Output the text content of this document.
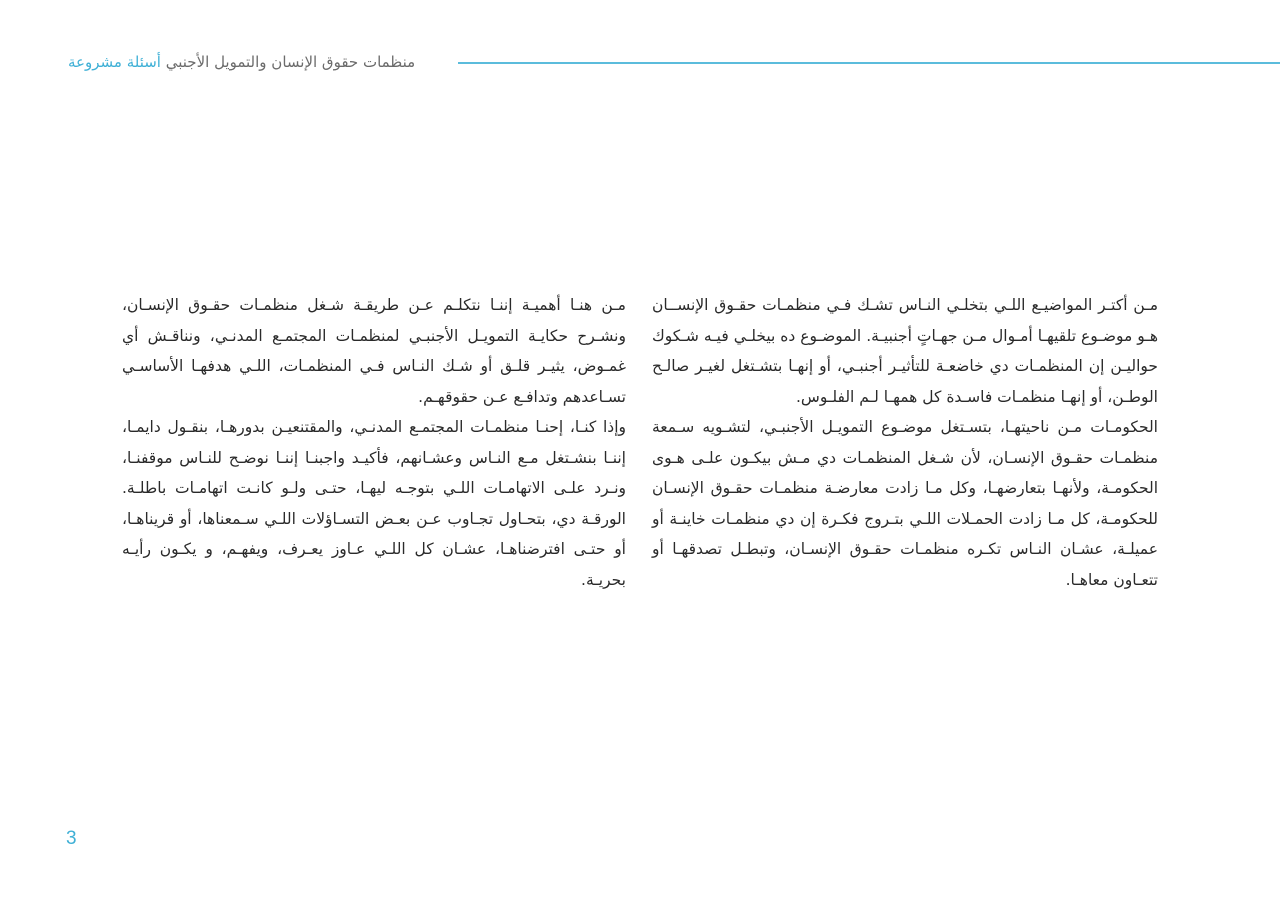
منظمات حقوق الإنسان والتمويل الأجنبي أسئلة مشروعة

مـن أكتـر المواضيـع اللـي بتخلـي النـاس تشـك فـي منظمـات حقـوق الإنســان هـو موضـوع تلقيهـا أمـوال مـن جهـاتٍ أجنبيـة. الموضـوع ده بيخلـي فيـه شـكوك حواليـن إن المنظمـات دي خاضعـة للتأثيـر أجنبـي، أو إنهـا بتشـتغل لغيـر صالـح الوطـن، أو إنهـا منظمـات فاسـدة كل همهـا لـم الفلـوس.

الحكومـات مـن ناحيتهـا، بتسـتغل موضـوع التمويـل الأجنبـي، لتشـويه سـمعة منظمـات حقـوق الإنسـان، لأن شـغل المنظمـات دي مـش بيكـون علـى هـوى الحكومـة، ولأنهـا بتعارضهـا، وكل مـا زادت معارضـة منظمـات حقـوق الإنسـان للحكومـة، كل مـا زادت الحمـلات اللـي بتـروج فكـرة إن دي منظمـات خاينـة أو عميلـة، عشـان النـاس تكـره منظمـات حقـوق الإنسـان، وتبطـل تصدقهـا أو تتعـاون معاهـا.

مـن هنـا أهميـة إننـا نتكلـم عـن طريقـة شـغل منظمـات حقـوق الإنسـان، ونشـرح حكايـة التمويـل الأجنبـي لمنظمـات المجتمـع المدنـي، ونناقـش أي غمـوض، يثيـر قلـق أو شـك النـاس فـي المنظمـات، اللـي هدفهـا الأساسـي تسـاعدهم وتدافـع عـن حقوقهـم.

وإذا كنـا، إحنـا منظمـات المجتمـع المدنـي، والمقتنعيـن بدورهـا، بنقـول دايمـا، إننـا بنشـتغل مـع النـاس وعشـانهم، فأكيـد واجبنـا إننـا نوضـح للنـاس موقفنـا، ونـرد علـى الاتهامـات اللـي بتوجـه ليهـا، حتـى ولـو كانـت اتهامـات باطلـة. الورقـة دي، بتحـاول تجـاوب عـن بعـض التسـاؤلات اللـي سـمعناها، أو قريناهـا، أو حتـى افترضناهـا، عشـان كل اللـي عـاوز يعـرف، ويفهـم، و يكـون رأيـه بحريـة.

3
